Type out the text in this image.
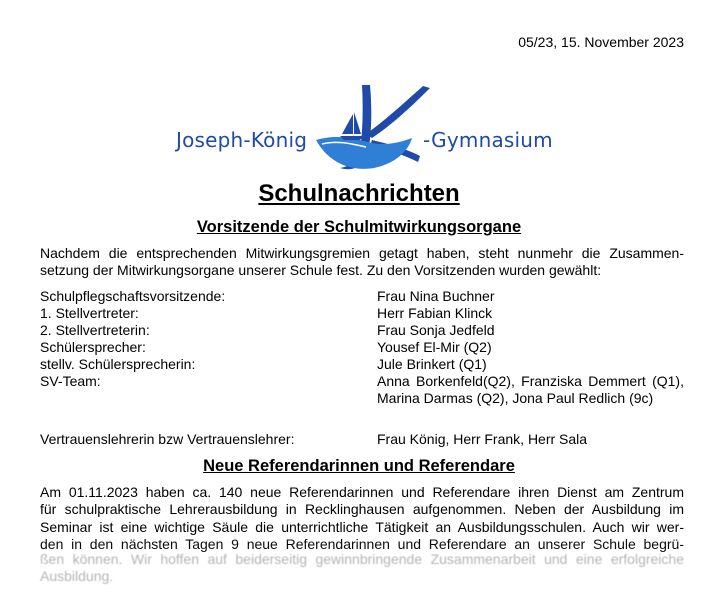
05/23, 15. November 2023
Joseph-König	-Gymnasium
Schulnachrichten
Vorsitzende der Schulmitwirkungsorgane

Nachdem die entsprechenden Mitwirkungsgremien getagt haben, steht nunmehr die Zusammen-
setzung der Mitwirkungsorgane unserer Schule fest. Zu den Vorsitzenden wurden gewählt:

Schulpflegschaftsvorsitzende:	Frau Nina Buchner
1. Stellvertreter:	Herr Fabian Klinck
2. Stellvertreterin:	Frau Sonja Jedfeld
Schülersprecher:	Yousef El-Mir (Q2)
stellv. Schülersprecherin:	Jule Brinkert (Q1)
SV-Team:	Anna Borkenfeld(Q2), Franziska Demmert (Q1), Marina Darmas (Q2), Jona Paul Redlich (9c)
Vertrauenslehrerin bzw Vertrauenslehrer:	Frau König, Herr Frank, Herr Sala
Neue Referendarinnen und Referendare

Am 01.11.2023 haben ca. 140 neue Referendarinnen und Referendare ihren Dienst am Zentrum
für schulpraktische Lehrerausbildung in Recklinghausen aufgenommen. Neben der Ausbildung im
Seminar ist eine wichtige Säule die unterrichtliche Tätigkeit an Ausbildungsschulen. Auch wir wer-
den in den nächsten Tagen 9 neue Referendarinnen und Referendare an unserer Schule begrü-

ßen können. Wir hoffen auf beiderseitig gewinnbringende Zusammenarbeit und eine erfolgreiche Ausbildung.
